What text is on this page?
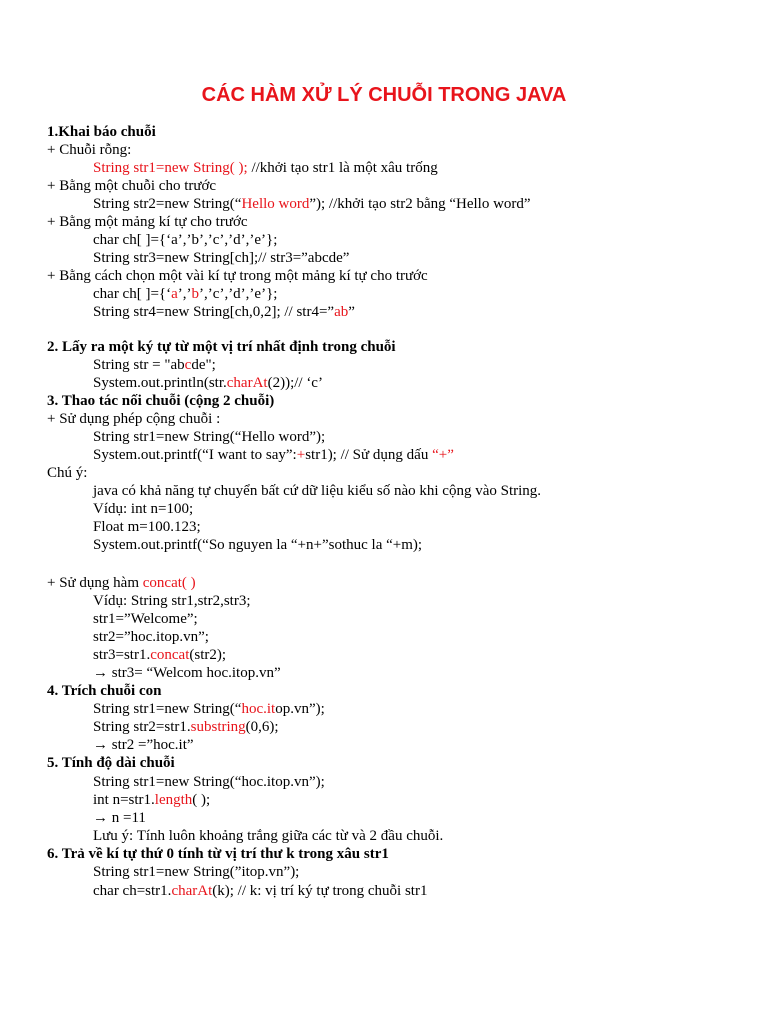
CÁC HÀM XỬ LÝ CHUỖI TRONG JAVA
1.Khai báo chuỗi
+ Chuỗi rỗng:
String str1=new String( ); //khởi tạo str1 là một xâu trống
+ Bằng một chuỗi cho trước
String str2=new String(“Hello word”); //khởi tạo str2 bằng “Hello word”
+ Bằng một mảng kí tự cho trước
char ch[ ]={‘a’,’b’,’c’,’d’,’e’};
String str3=new String[ch];// str3=”abcde”
+ Bằng cách chọn một vài kí tự trong một mảng kí tự cho trước
char ch[ ]={‘a’,’b’,’c’,’d’,’e’};
String str4=new String[ch,0,2]; // str4=”ab”
2. Lấy ra một ký tự từ một vị trí nhất định trong chuỗi
String str = "abcde";
System.out.println(str.charAt(2));// ‘c’
3. Thao tác nối chuỗi (cộng 2 chuỗi)
+ Sử dụng phép cộng chuỗi :
String str1=new String(“Hello word”);
System.out.printf(“I want to say”:+str1); // Sử dụng dấu “+”
Chú ý:
java có khả năng tự chuyển bất cứ dữ liệu kiểu số nào khi cộng vào String.
Vídụ: int n=100;
Float m=100.123;
System.out.printf(“So nguyen la “+n+”sothuc la “+m);
+ Sử dụng hàm concat( )
Vídụ: String str1,str2,str3;
str1=”Welcome”;
str2=”hoc.itop.vn”;
str3=str1.concat(str2);
→ str3= “Welcom hoc.itop.vn”
4. Trích chuỗi con
String str1=new String(“hoc.itop.vn”);
String str2=str1.substring(0,6);
→ str2 =”hoc.it”
5. Tính độ dài chuỗi
String str1=new String(“hoc.itop.vn”);
int n=str1.length( );
→ n =11
Lưu ý: Tính luôn khoảng trắng giữa các từ và 2 đầu chuỗi.
6. Trả về kí tự thứ 0 tính từ vị trí thư k trong xâu str1
String str1=new String(”itop.vn”);
char ch=str1.charAt(k); // k: vị trí ký tự trong chuỗi str1
